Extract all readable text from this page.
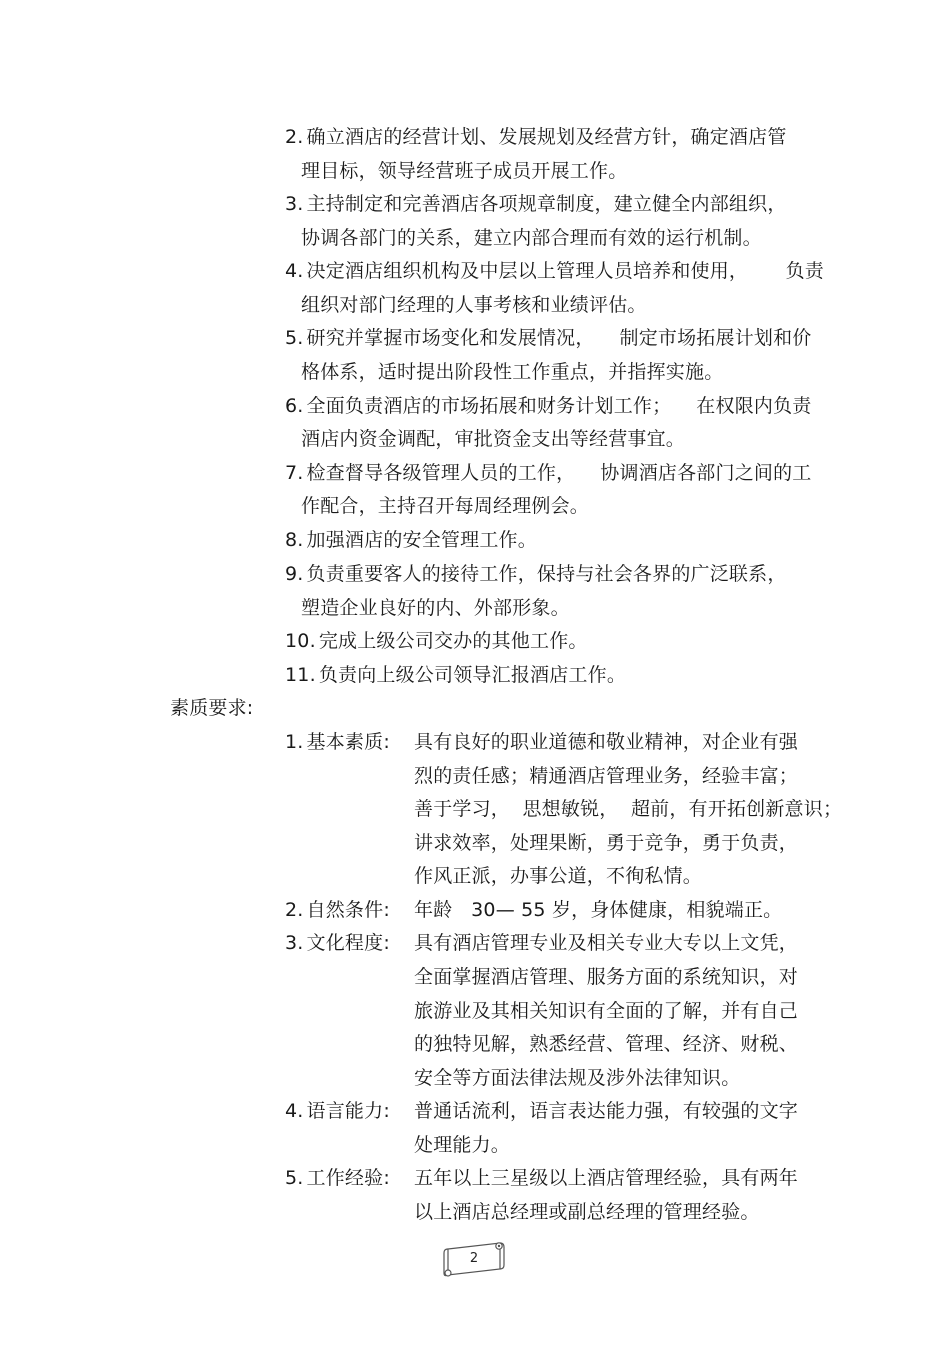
2. 确立酒店的经营计划、发展规划及经营方针，确定酒店管
理目标，领导经营班子成员开展工作。
3. 主持制定和完善酒店各项规章制度，建立健全内部组织，
协调各部门的关系，建立内部合理而有效的运行机制。
4. 决定酒店组织机构及中层以上管理人员培养和使用，      负责
组织对部门经理的人事考核和业绩评估。
5. 研究并掌握市场变化和发展情况，    制定市场拓展计划和价
格体系，适时提出阶段性工作重点，并指挥实施。
6. 全面负责酒店的市场拓展和财务计划工作；    在权限内负责
酒店内资金调配，审批资金支出等经营事宜。
7. 检查督导各级管理人员的工作，    协调酒店各部门之间的工
作配合，主持召开每周经理例会。
8. 加强酒店的安全管理工作。
9. 负责重要客人的接待工作，保持与社会各界的广泛联系，
塑造企业良好的内、外部形象。
10. 完成上级公司交办的其他工作。
11. 负责向上级公司领导汇报酒店工作。
素质要求:
1. 基本素质: 具有良好的职业道德和敬业精神，对企业有强
烈的责任感；精通酒店管理业务，经验丰富；
善于学习，  思想敏锐，  超前，有开拓创新意识；
讲求效率，处理果断，勇于竞争，勇于负责，
作风正派，办事公道，不徇私情。
2. 自然条件: 年龄   30— 55 岁，身体健康，相貌端正。
3. 文化程度: 具有酒店管理专业及相关专业大专以上文凭，
全面掌握酒店管理、服务方面的系统知识，对
旅游业及其相关知识有全面的了解，并有自己
的独特见解，熟悉经营、管理、经济、财税、
安全等方面法律法规及涉外法律知识。
4. 语言能力: 普通话流利，语言表达能力强，有较强的文字
处理能力。
5. 工作经验: 五年以上三星级以上酒店管理经验，具有两年
以上酒店总经理或副总经理的管理经验。
2
